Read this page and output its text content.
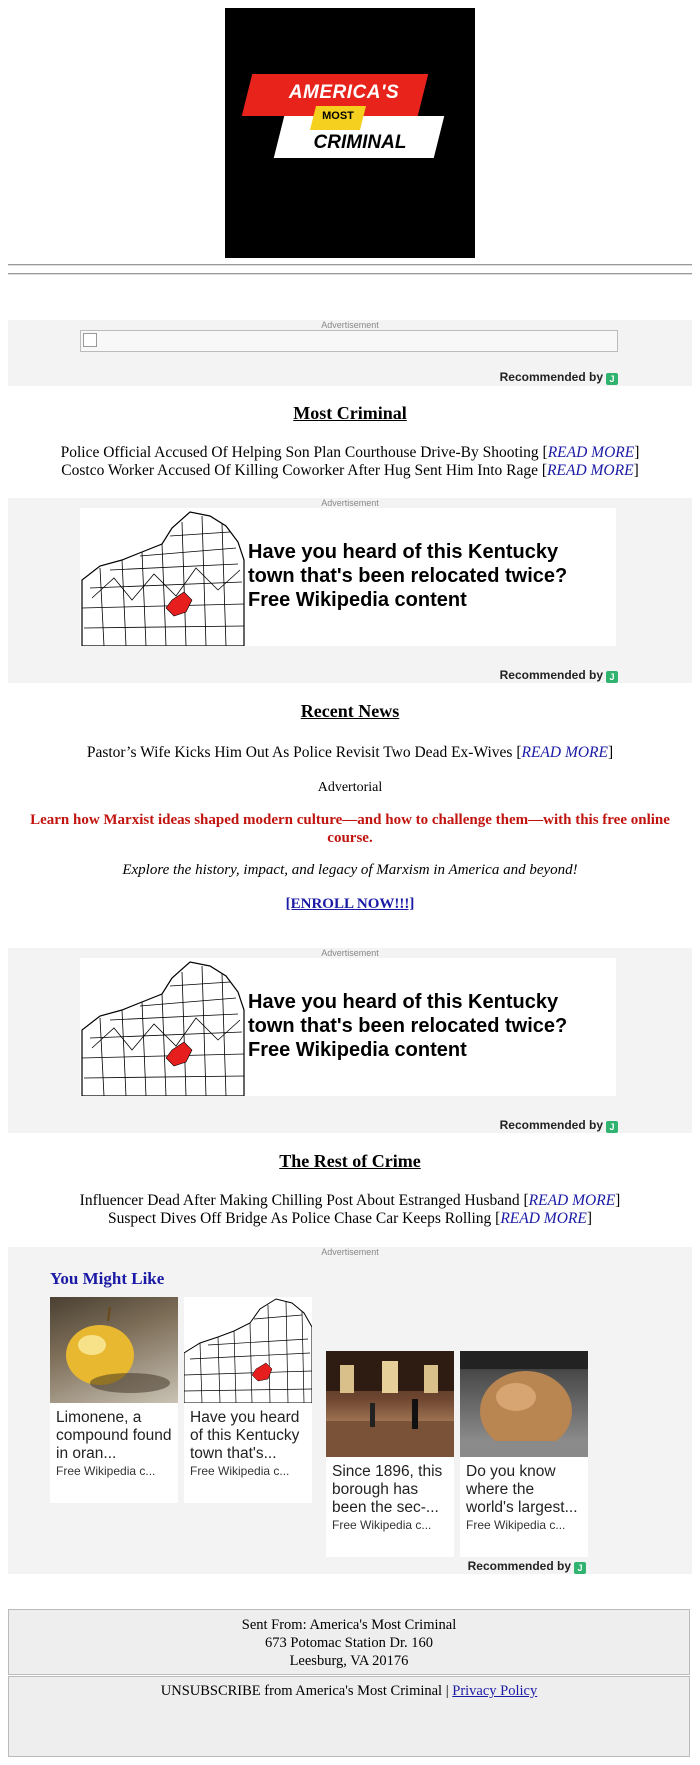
AMERICA'S
MOST
CRIMINAL
Advertisement
Recommended by J
Most Criminal
Police Official Accused Of Helping Son Plan Courthouse Drive-By Shooting [READ MORE]
Costco Worker Accused Of Killing Coworker After Hug Sent Him Into Rage [READ MORE]
Advertisement
Have you heard of this Kentucky town that's been relocated twice? Free Wikipedia content
Recommended by J
Recent News
Pastor’s Wife Kicks Him Out As Police Revisit Two Dead Ex-Wives [READ MORE]
Advertorial
Learn how Marxist ideas shaped modern culture—and how to challenge them—with this free online course.
Explore the history, impact, and legacy of Marxism in America and beyond!
[ENROLL NOW!!!]
Advertisement
Have you heard of this Kentucky town that's been relocated twice? Free Wikipedia content
Recommended by J
The Rest of Crime
Influencer Dead After Making Chilling Post About Estranged Husband [READ MORE]
Suspect Dives Off Bridge As Police Chase Car Keeps Rolling [READ MORE]
Advertisement
You Might Like
Limonene, a compound found in oran...
Free Wikipedia c...
Have you heard of this Kentucky town that's...
Free Wikipedia c...	Since 1896, this borough has been the sec-...
Free Wikipedia c...
Do you know where the world's largest...
Free Wikipedia c...
Recommended by J
Sent From: America's Most Criminal
673 Potomac Station Dr. 160
Leesburg, VA 20176
UNSUBSCRIBE from America's Most Criminal | Privacy Policy
